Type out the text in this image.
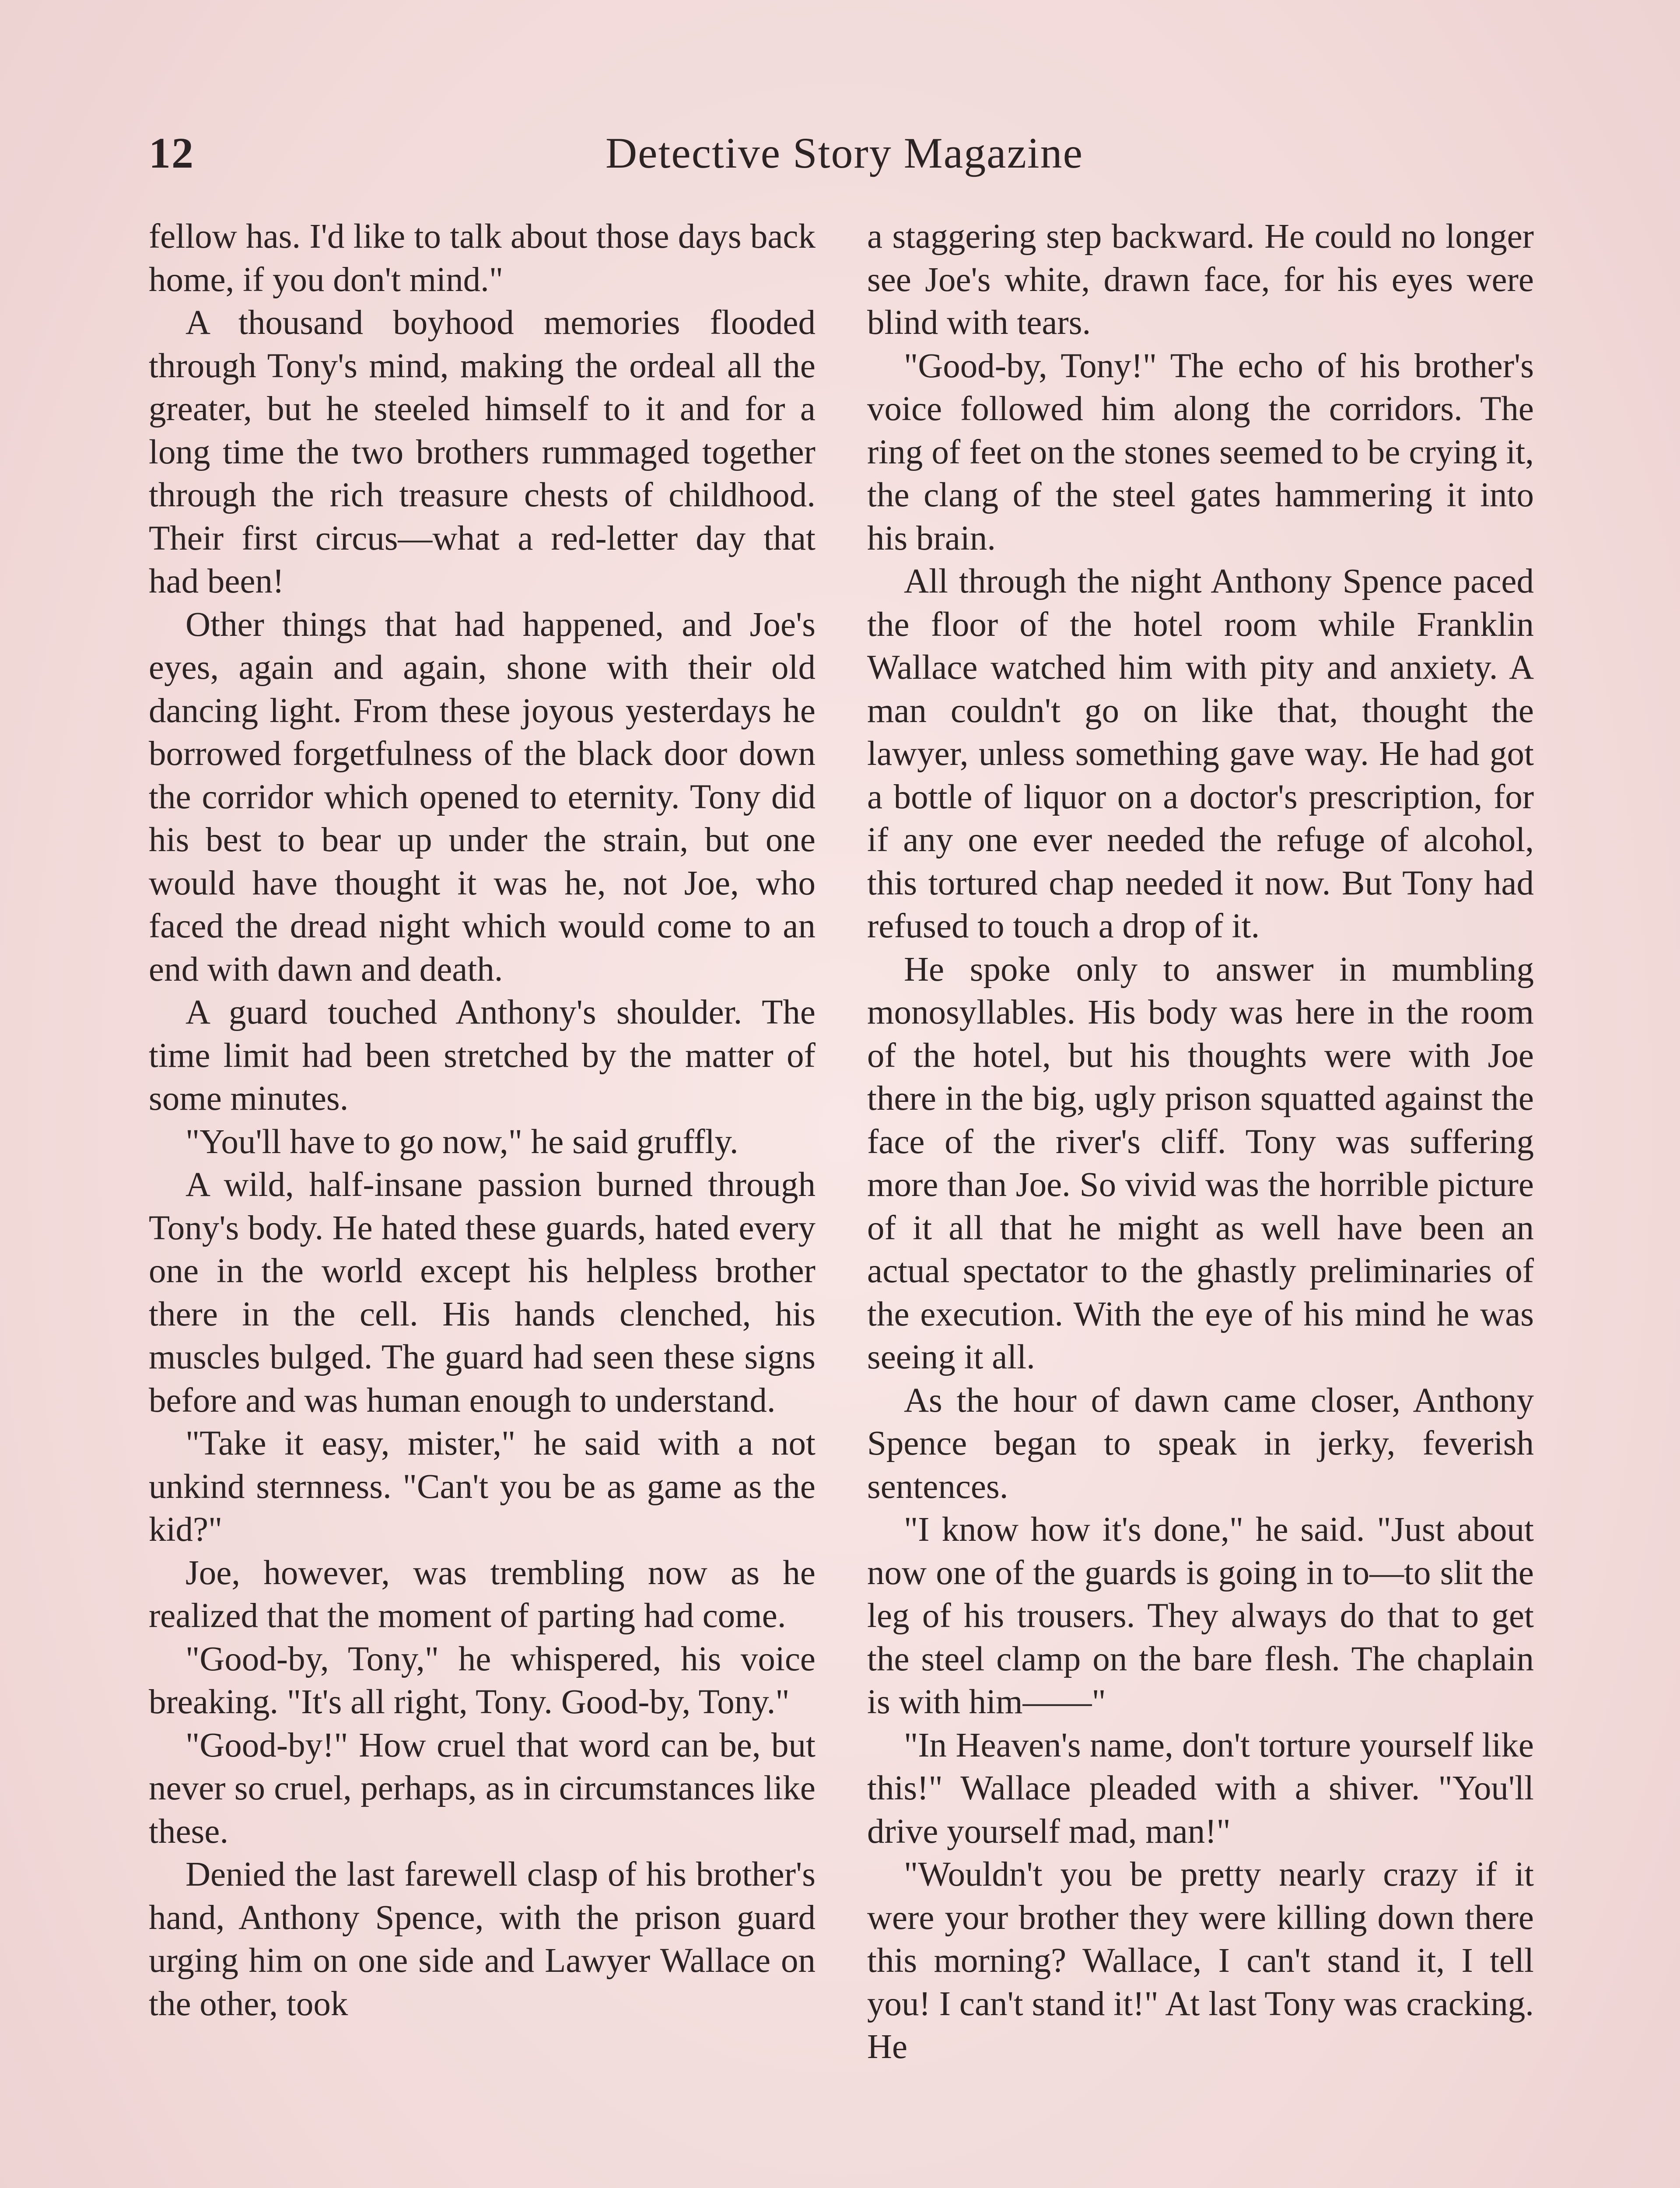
12	Detective Story Magazine

fellow has. I'd like to talk about those days back home, if you don't mind."

A thousand boyhood memories flooded through Tony's mind, making the ordeal all the greater, but he steeled himself to it and for a long time the two brothers rummaged together through the rich treasure chests of childhood. Their first circus—what a red-letter day that had been!

Other things that had happened, and Joe's eyes, again and again, shone with their old dancing light. From these joyous yesterdays he borrowed forgetfulness of the black door down the corridor which opened to eternity. Tony did his best to bear up under the strain, but one would have thought it was he, not Joe, who faced the dread night which would come to an end with dawn and death.

A guard touched Anthony's shoulder. The time limit had been stretched by the matter of some minutes.

"You'll have to go now," he said gruffly.

A wild, half-insane passion burned through Tony's body. He hated these guards, hated every one in the world except his helpless brother there in the cell. His hands clenched, his muscles bulged. The guard had seen these signs before and was human enough to understand.

"Take it easy, mister," he said with a not unkind sternness. "Can't you be as game as the kid?"

Joe, however, was trembling now as he realized that the moment of parting had come.

"Good-by, Tony," he whispered, his voice breaking. "It's all right, Tony. Good-by, Tony."

"Good-by!" How cruel that word can be, but never so cruel, perhaps, as in circumstances like these.

Denied the last farewell clasp of his brother's hand, Anthony Spence, with the prison guard urging him on one side and Lawyer Wallace on the other, took

a staggering step backward. He could no longer see Joe's white, drawn face, for his eyes were blind with tears.

"Good-by, Tony!" The echo of his brother's voice followed him along the corridors. The ring of feet on the stones seemed to be crying it, the clang of the steel gates hammering it into his brain.

All through the night Anthony Spence paced the floor of the hotel room while Franklin Wallace watched him with pity and anxiety. A man couldn't go on like that, thought the lawyer, unless something gave way. He had got a bottle of liquor on a doctor's prescription, for if any one ever needed the refuge of alcohol, this tortured chap needed it now. But Tony had refused to touch a drop of it.

He spoke only to answer in mumbling monosyllables. His body was here in the room of the hotel, but his thoughts were with Joe there in the big, ugly prison squatted against the face of the river's cliff. Tony was suffering more than Joe. So vivid was the horrible picture of it all that he might as well have been an actual spectator to the ghastly preliminaries of the execution. With the eye of his mind he was seeing it all.

As the hour of dawn came closer, Anthony Spence began to speak in jerky, feverish sentences.

"I know how it's done," he said. "Just about now one of the guards is going in to—to slit the leg of his trousers. They always do that to get the steel clamp on the bare flesh. The chaplain is with him——"

"In Heaven's name, don't torture yourself like this!" Wallace pleaded with a shiver. "You'll drive yourself mad, man!"

"Wouldn't you be pretty nearly crazy if it were your brother they were killing down there this morning? Wallace, I can't stand it, I tell you! I can't stand it!" At last Tony was cracking. He
